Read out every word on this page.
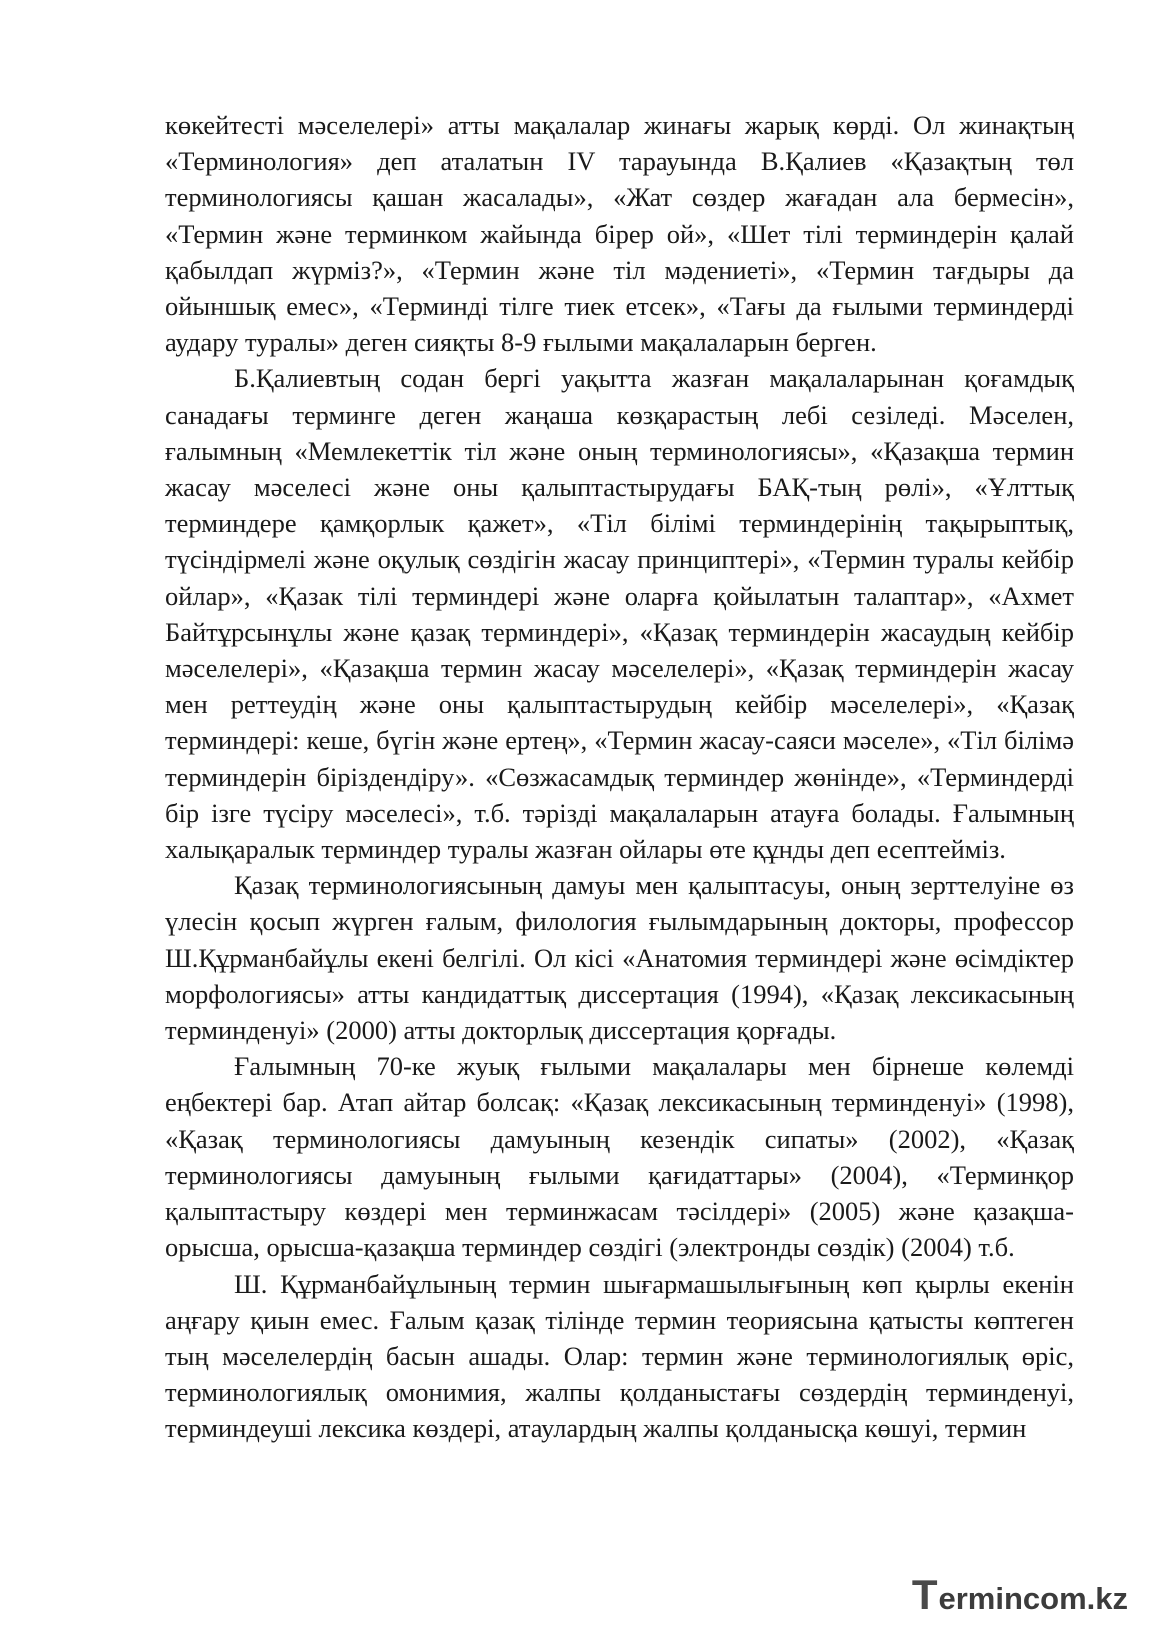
көкейтесті мәселелері» атты мақалалар жинағы жарық көрді. Ол жинақтың «Терминология» деп аталатын IV тарауында В.Қалиев «Қазақтың төл терминологиясы қашан жасалады», «Жат сөздер жағадан ала бермесін», «Термин және терминком жайында бірер ой», «Шет тілі терминдерін қалай қабылдап жүрміз?», «Термин және тіл мәдениеті», «Термин тағдыры да ойыншық емес», «Терминді тілге тиек етсек», «Тағы да ғылыми терминдерді аудару туралы» деген сияқты 8-9 ғылыми мақалаларын берген.

Б.Қалиевтың содан бергі уақытта жазған мақалаларынан қоғамдық санадағы терминге деген жаңаша көзқарастың лебі сезіледі. Мәселен, ғалымның «Мемлекеттік тіл және оның терминологиясы», «Қазақша термин жасау мәселесі және оны қалыптастырудағы БАҚ-тың рөлі», «Ұлттық терминдере қамқорлык қажет», «Тіл білімі терминдерінің тақырыптық, түсіндірмелі және оқулық сөздігін жасау принциптері», «Термин туралы кейбір ойлар», «Қазак тілі терминдері және оларға қойылатын талаптар», «Ахмет Байтұрсынұлы және қазақ терминдері», «Қазақ терминдерін жасаудың кейбір мәселелері», «Қазақша термин жасау мәселелері», «Қазақ терминдерін жасау мен реттеудің және оны қалыптастырудың кейбір мәселелері», «Қазақ терминдері: кеше, бүгін және ертең», «Термин жасау-саяси мәселе», «Тіл білімә терминдерін біріздендіру». «Сөзжасамдық терминдер жөнінде», «Терминдерді бір ізге түсіру мәселесі», т.б. тәрізді мақалаларын атауға болады. Ғалымның халықаралык терминдер туралы жазған ойлары өте құнды деп есептейміз.

Қазақ терминологиясының дамуы мен қалыптасуы, оның зерттелуіне өз үлесін қосып жүрген ғалым, филология ғылымдарының докторы, профессор Ш.Құрманбайұлы екені белгілі. Ол кісі «Анатомия терминдері және өсімдіктер морфологиясы» атты кандидаттық диссертация (1994), «Қазақ лексикасының терминденуі» (2000) атты докторлық диссертация қорғады.

Ғалымның 70-ке жуық ғылыми мақалалары мен бірнеше көлемді еңбектері бар. Атап айтар болсақ: «Қазақ лексикасының терминденуі» (1998), «Қазақ терминологиясы дамуының кезендік сипаты» (2002), «Қазақ терминологиясы дамуының ғылыми қағидаттары» (2004), «Терминқор қалыптастыру көздері мен терминжасам тәсілдері» (2005) және қазақша-орысша, орысша-қазақша терминдер сөздігі (электронды сөздік) (2004) т.б.

Ш. Құрманбайұлының термин шығармашылығының көп қырлы екенін аңғару қиын емес. Ғалым қазақ тілінде термин теориясына қатысты көптеген тың мәселелердің басын ашады. Олар: термин және терминологиялық өріс, терминологиялық омонимия, жалпы қолданыстағы сөздердің терминденуі, терминдеуші лексика көздері, атаулардың жалпы қолданысқа көшуі, термин

T ermincom.kz
